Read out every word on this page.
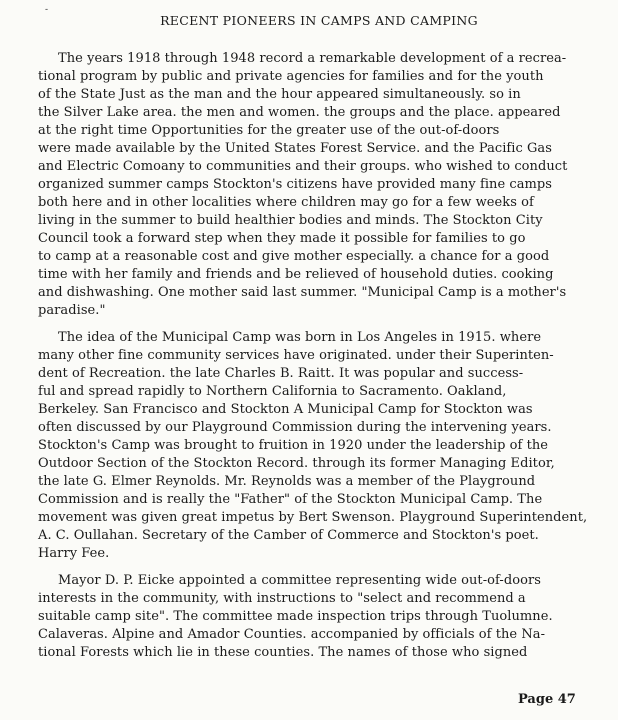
-
RECENT PIONEERS IN CAMPS AND CAMPING
The years 1918 through 1948 record a remarkable development of a recrea-
tional program by public and private agencies for families and for the youth
of the State Just as the man and the hour appeared simultaneously. so in
the Silver Lake area. the men and women. the groups and the place. appeared
at the right time Opportunities for the greater use of the out-of-doors
were made available by the United States Forest Service. and the Pacific Gas
and Electric Comoany to communities and their groups. who wished to conduct
organized summer camps Stockton's citizens have provided many fine camps
both here and in other localities where children may go for a few weeks of
living in the summer to build healthier bodies and minds. The Stockton City
Council took a forward step when they made it possible for families to go
to camp at a reasonable cost and give mother especially. a chance for a good
time with her family and friends and be relieved of household duties. cooking
and dishwashing. One mother said last summer. "Municipal Camp is a mother's
paradise."
The idea of the Municipal Camp was born in Los Angeles in 1915. where
many other fine community services have originated. under their Superinten-
dent of Recreation. the late Charles B. Raitt. It was popular and success-
ful and spread rapidly to Northern California to Sacramento. Oakland,
Berkeley. San Francisco and Stockton A Municipal Camp for Stockton was
often discussed by our Playground Commission during the intervening years.
Stockton's Camp was brought to fruition in 1920 under the leadership of the
Outdoor Section of the Stockton Record. through its former Managing Editor,
the late G. Elmer Reynolds. Mr. Reynolds was a member of the Playground
Commission and is really the "Father" of the Stockton Municipal Camp. The
movement was given great impetus by Bert Swenson. Playground Superintendent,
A. C. Oullahan. Secretary of the Camber of Commerce and Stockton's poet.
Harry Fee.
Mayor D. P. Eicke appointed a committee representing wide out-of-doors
interests in the community, with instructions to "select and recommend a
suitable camp site". The committee made inspection trips through Tuolumne.
Calaveras. Alpine and Amador Counties. accompanied by officials of the Na-
tional Forests which lie in these counties. The names of those who signed
Page 47
